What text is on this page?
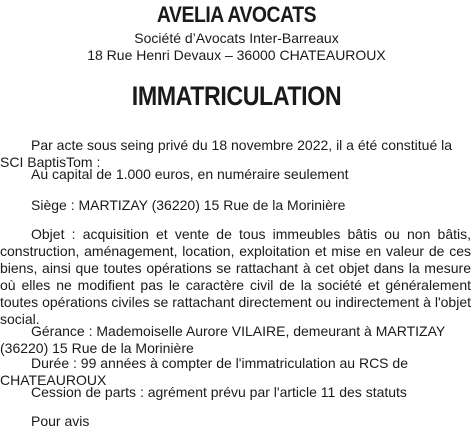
AVELIA AVOCATS
Société d’Avocats Inter-Barreaux
18 Rue Henri Devaux – 36000 CHATEAUROUX
IMMATRICULATION

Par acte sous seing privé du 18 novembre 2022, il a été constitué la SCI BaptisTom :

Au capital de 1.000 euros, en numéraire seulement

Siège : MARTIZAY (36220) 15 Rue de la Morinière

Objet : acquisition et vente de tous immeubles bâtis ou non bâtis, construction, aménagement, location, exploitation et mise en valeur de ces biens, ainsi que toutes opérations se rattachant à cet objet dans la mesure où elles ne modifient pas le caractère civil de la société et généralement toutes opérations civiles se rattachant directement ou indirectement à l'objet social.

Gérance : Mademoiselle Aurore VILAIRE, demeurant à MARTIZAY (36220) 15 Rue de la Morinière

Durée : 99 années à compter de l'immatriculation au RCS de CHATEAUROUX

Cession de parts : agrément prévu par l'article 11 des statuts

Pour avis
